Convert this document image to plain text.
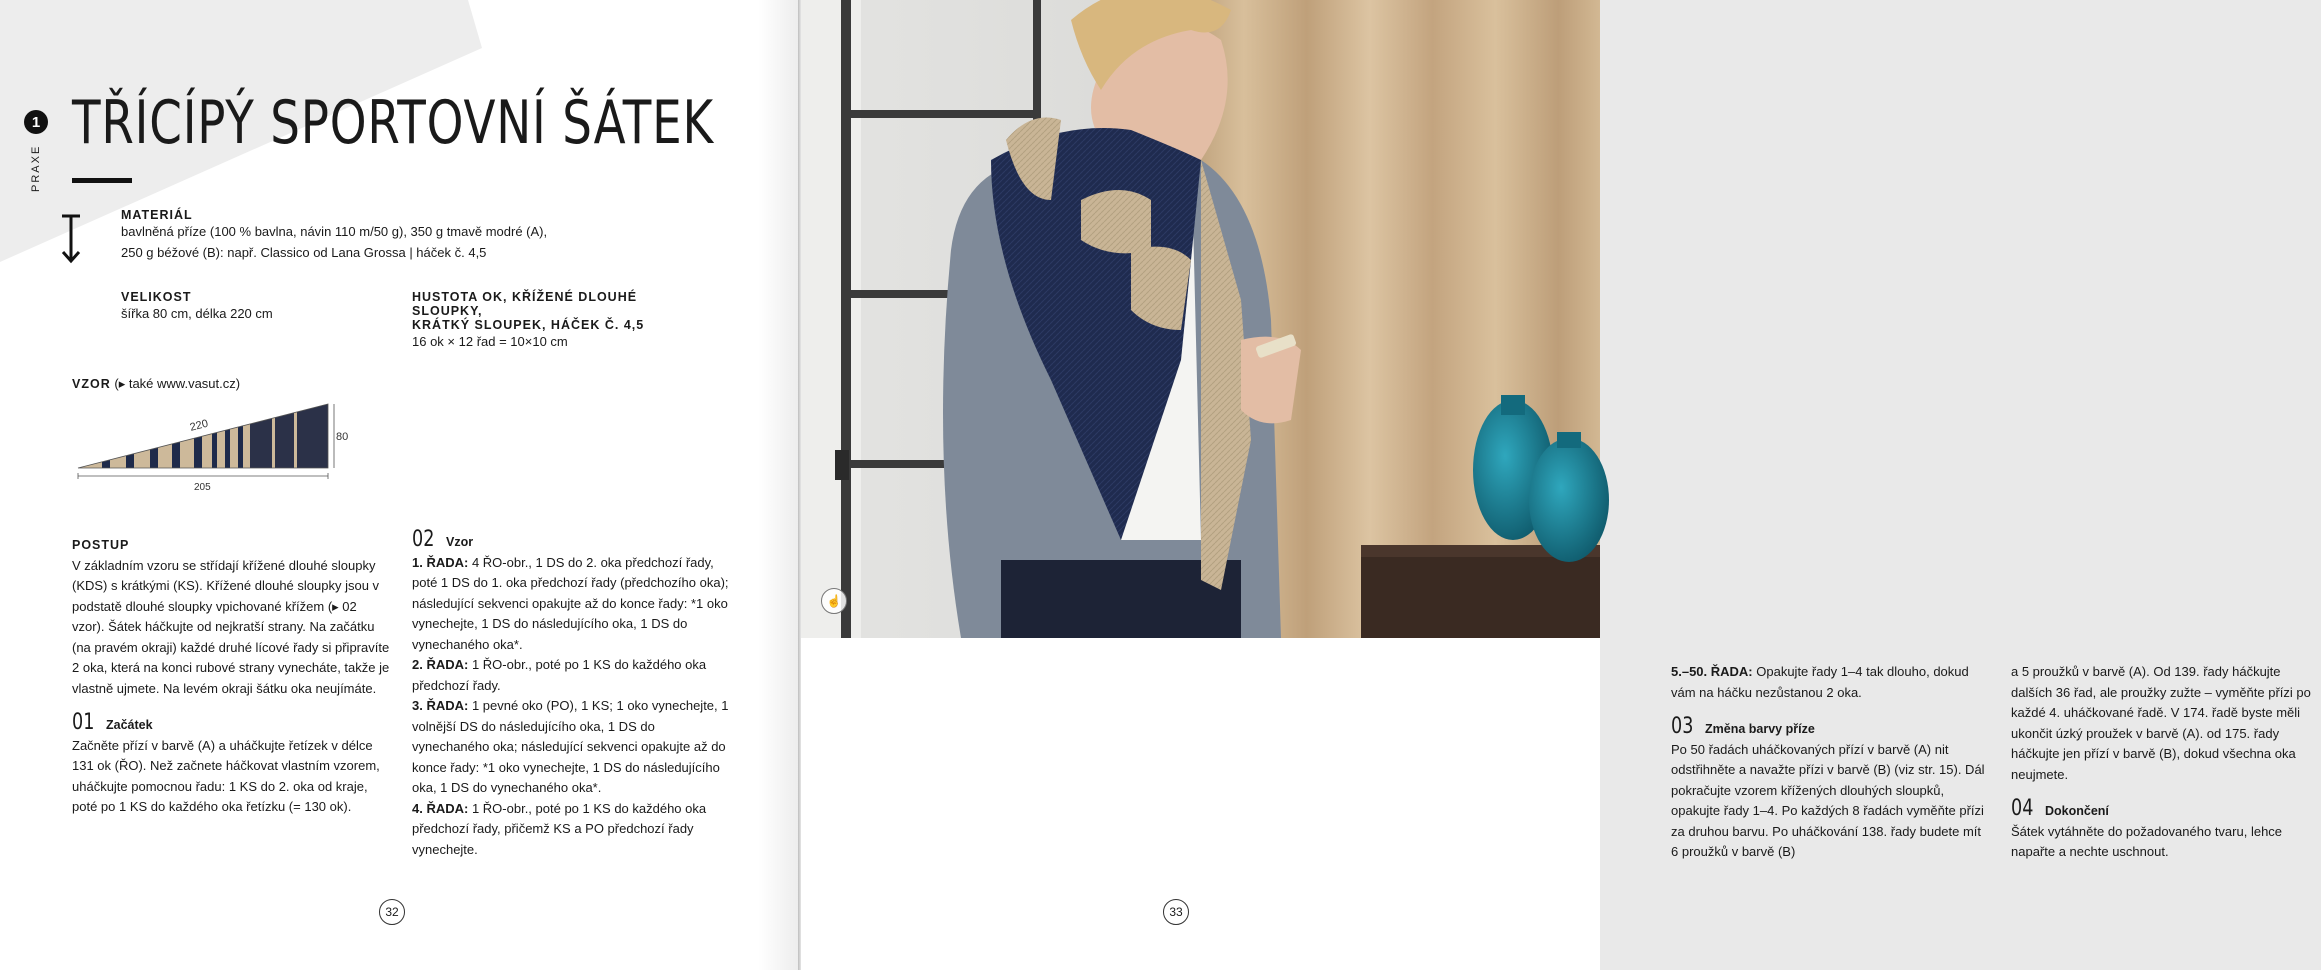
1
PRAXE
TŘÍCÍPÝ SPORTOVNÍ ŠÁTEK
MATERIÁL
bavlněná příze (100 % bavlna, návin 110 m/50 g), 350 g tmavě modré (A),
250 g béžové (B): např. Classico od Lana Grossa | háček č. 4,5
VELIKOST
šířka 80 cm, délka 220 cm
HUSTOTA OK, KŘÍŽENÉ DLOUHÉ SLOUPKY,
KRÁTKÝ SLOUPEK, HÁČEK Č. 4,5
16 ok × 12 řad = 10×10 cm
VZOR (▸ také www.vasut.cz)
220
80
205
POSTUP

V základním vzoru se střídají křížené dlouhé sloupky (KDS) s krátkými (KS). Křížené dlouhé sloupky jsou v podstatě dlouhé sloupky vpichované křížem (▸ 02 vzor). Šátek háčkujte od nejkratší strany. Na začátku (na pravém okraji) každé druhé lícové řady si připravíte 2 oka, která na konci rubové strany vynecháte, takže je vlastně ujmete. Na levém okraji šátku oka neujímáte.

01 Začátek

Začněte přízí v barvě (A) a uháčkujte řetízek v délce 131 ok (ŘO). Než začnete háčkovat vlastním vzorem, uháčkujte pomocnou řadu: 1 KS do 2. oka od kraje, poté po 1 KS do každého oka řetízku (= 130 ok).

02 Vzor

1. ŘADA: 4 ŘO-obr., 1 DS do 2. oka předchozí řady, poté 1 DS do 1. oka předchozí řady (předchozího oka); následující sekvenci opakujte až do konce řady: *1 oko vynechejte, 1 DS do následujícího oka, 1 DS do vynechaného oka*.

2. ŘADA: 1 ŘO-obr., poté po 1 KS do každého oka předchozí řady.

3. ŘADA: 1 pevné oko (PO), 1 KS; 1 oko vynechejte, 1 volnější DS do následujícího oka, 1 DS do vynechaného oka; následující sekvenci opakujte až do konce řady: *1 oko vynechejte, 1 DS do následujícího oka, 1 DS do vynechaného oka*.

4. ŘADA: 1 ŘO-obr., poté po 1 KS do každého oka předchozí řady, přičemž KS a PO předchozí řady vynechejte.

32
☝

5.–50. ŘADA: Opakujte řady 1–4 tak dlouho, dokud vám na háčku nezůstanou 2 oka.

03 Změna barvy příze

Po 50 řadách uháčkovaných přízí v barvě (A) nit odstřihněte a navažte přízi v barvě (B) (viz str. 15). Dál pokračujte vzorem křížených dlouhých sloupků, opakujte řady 1–4. Po každých 8 řadách vyměňte přízi za druhou barvu. Po uháčkování 138. řady budete mít 6 proužků v barvě (B)

a 5 proužků v barvě (A). Od 139. řady háčkujte dalších 36 řad, ale proužky zužte – vyměňte přízi po každé 4. uháčkované řadě. V 174. řadě byste měli ukončit úzký proužek v barvě (A). od 175. řady háčkujte jen přízí v barvě (B), dokud všechna oka neujmete.

04 Dokončení

Šátek vytáhněte do požadovaného tvaru, lehce napařte a nechte uschnout.

33
